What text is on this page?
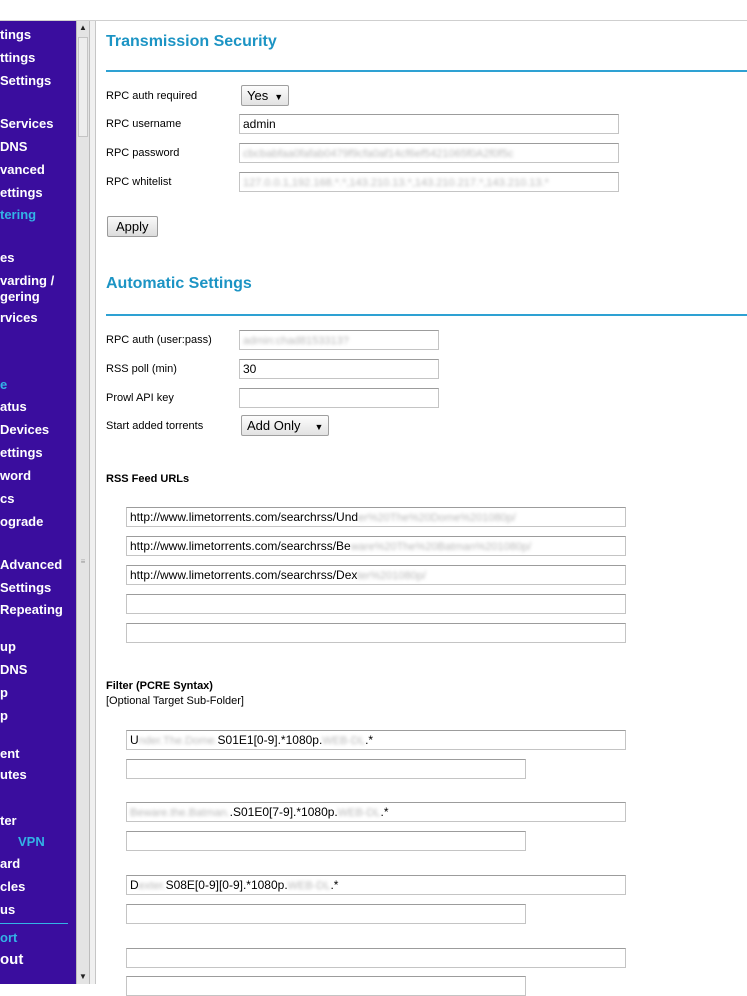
tings
ttings
Settings
Services
DNS
vanced
ettings
tering
es
varding /
gering
rvices
e
atus
Devices
ettings
word
cs
ograde
Advanced
Settings
Repeating
up
DNS
p
p
ent
utes
ter
VPN
ard
cles
us
ort
out
▲
≡
▼
Transmission Security
RPC auth required	Yes ▼
RPC username	admin
RPC password	cbcbabfaa0fafab0479f9cfa0af14cf6ef5421065f0A2f0f5c
RPC whitelist	127.0.0.1,192.168.*.*,143.210.13.*,143.210.217.*,143.210.13.*
Apply
Automatic Settings
RPC auth (user:pass)	admin:chad8153313?
RSS poll (min)	30
Prowl API key
Start added torrents	Add Only ▼
RSS Feed URLs
http://www.limetorrents.com/searchrss/Under%20The%20Dome%201080p/
http://www.limetorrents.com/searchrss/Beware%20The%20Batman%201080p/
http://www.limetorrents.com/searchrss/Dexter%201080p/
Filter (PCRE Syntax)
[Optional Target Sub-Folder]
Under.The.Dome.S01E1[0-9].*1080p.WEB-DL.*
Beware.the.Batman..S01E0[7-9].*1080p.WEB-DL.*
Dexter.S08E[0-9][0-9].*1080p.WEB-DL.*
